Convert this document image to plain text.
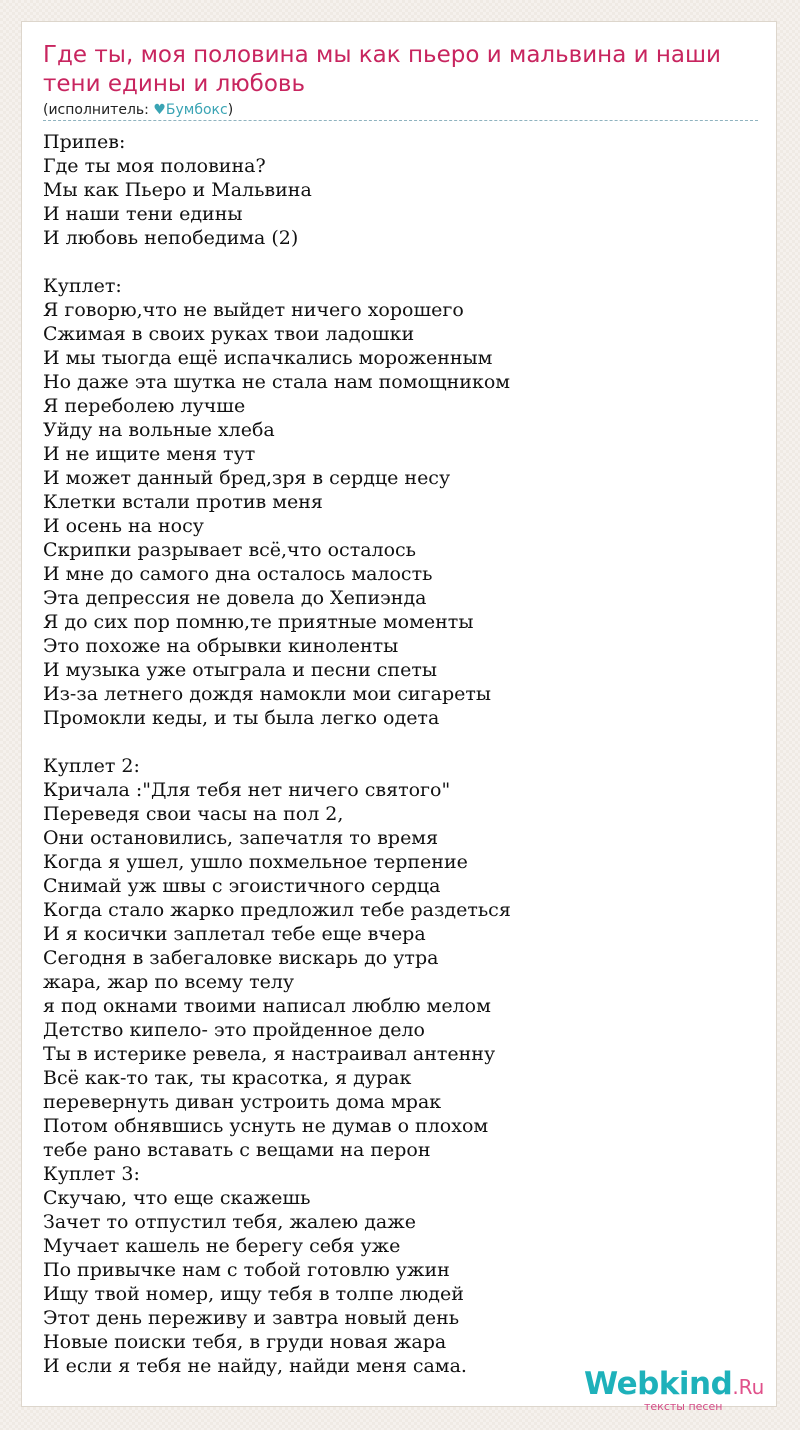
Где ты, моя половина мы как пьеро и мальвина и наши тени едины и любовь
(исполнитель: ♥Бумбокс)
Припев:
Где ты моя половина?
Мы как Пьеро и Мальвина
И наши тени едины
И любовь непобедима (2)

Куплет:
Я говорю,что не выйдет ничего хорошего
Сжимая в своих руках твои ладошки
И мы тыогда ещё испачкались мороженным
Но даже эта шутка не стала нам помощником
Я переболею лучше
Уйду на вольные хлеба
И не ищите меня тут
И может данный бред,зря в сердце несу
Клетки встали против меня
И осень на носу
Скрипки разрывает всё,что осталось
И мне до самого дна осталось малость
Эта депрессия не довела до Хепиэнда
Я до сих пор помню,те приятные моменты
Это похоже на обрывки киноленты
И музыка уже отыграла и песни спеты
Из-за летнего дождя намокли мои сигареты
Промокли кеды, и ты была легко одета

Куплет 2:
Кричала :"Для тебя нет ничего святого"
Переведя свои часы на пол 2,
Они остановились, запечатля то время
Когда я ушел, ушло похмельное терпение
Снимай уж швы с эгоистичного сердца
Когда стало жарко предложил тебе раздеться
И я косички заплетал тебе еще вчера
Сегодня в забегаловке вискарь до утра
жара, жар по всему телу
я под окнами твоими написал люблю мелом
Детство кипело- это пройденное дело
Ты в истерике ревела, я настраивал антенну
Всё как-то так, ты красотка, я дурак
перевернуть диван устроить дома мрак
Потом обнявшись уснуть не думав о плохом
тебе рано вставать с вещами на перон
Куплет 3:
Скучаю, что еще скажешь
Зачет то отпустил тебя, жалею даже
Мучает кашель не берегу себя уже
По привычке нам с тобой готовлю ужин
Ищу твой номер, ищу тебя в толпе людей
Этот день переживу и завтра новый день
Новые поиски тебя, в груди новая жара
И если я тебя не найду, найди меня сама.	Webkind.Ru
тексты песен
